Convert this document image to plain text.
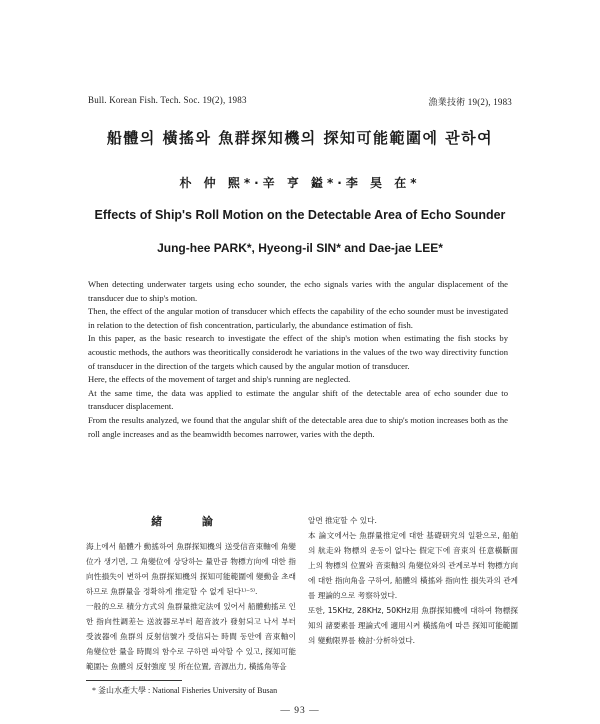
Bull. Korean Fish. Tech. Soc. 19(2), 1983	漁業技術 19(2), 1983
船體의 橫搖와 魚群探知機의 探知可能範圍에 관하여
朴 仲 熙*·辛 亨 鎰*·李 昊 在*
Effects of Ship's Roll Motion on the Detectable Area of Echo Sounder
Jung-hee PARK*, Hyeong-il SIN* and Dae-jae LEE*

When detecting underwater targets using echo sounder, the echo signals varies with the angular displacement of the transducer due to ship's motion.

Then, the effect of the angular motion of transducer which effects the capability of the echo sounder must be investigated in relation to the detection of fish concentration, particularly, the abundance estimation of fish.

In this paper, as the basic research to investigate the effect of the ship's motion when estimating the fish stocks by acoustic methods, the authors was theoritically considerodt he variations in the values of the two way directivity function of transducer in the direction of the targets which caused by the angular motion of transducer.

Here, the effects of the movement of target and ship's running are neglected.

At the same time, the data was applied to estimate the angular shift of the detectable area of echo sounder due to transducer displacement.

From the results analyzed, we found that the angular shift of the detectable area due to ship's motion increases both as the roll angle increases and as the beamwidth becomes narrower, varies with the depth.

緒 論

海上에서 船體가 動搖하여 魚群探知機의 送受信音束軸에 角變位가 생기면, 그 角變位에 상당하는 量만큼 物標方向에 대한 指向性損失이 변하여 魚群探知機의 探知可能範圍에 變動을 초래하므로 魚群量을 정확하게 推定할 수 없게 된다¹⁾⁻⁵⁾.

一般的으로 積分方式의 魚群量推定法에 있어서 船體動搖로 인한 指向性調差는 送波器로부터 超音波가 發射되고 나서 부터 受波器에 魚群의 反射信號가 受信되는 時間 동안에 音束軸이 角變位한 量을 時間의 함수로 구하면 파악할 수 있고, 探知可能範圍는 魚體의 反射強度 및 所在位置, 音源出力, 橫搖角等을

알면 推定할 수 있다.

本 論文에서는 魚群量推定에 대한 基礎研究의 일환으로, 船舶의 航走와 物標의 운동이 없다는 假定下에 音束의 任意橫斷面上의 物標의 位置와 音束軸의 角變位와의 관계로부터 物標方向에 대한 指向角을 구하여, 船體의 橫搖와 指向性 損失과의 관계를 理論的으로 考察하였다.

또한, 15KHz, 28KHz, 50KHz用 魚群探知機에 대하여 物標探知의 諸要素를 理論式에 適用시켜 橫搖角에 따른 探知可能範圍의 變動限界를 檢討·分析하였다.

* 釜山水產大學 : National Fisheries University of Busan
— 93 —
